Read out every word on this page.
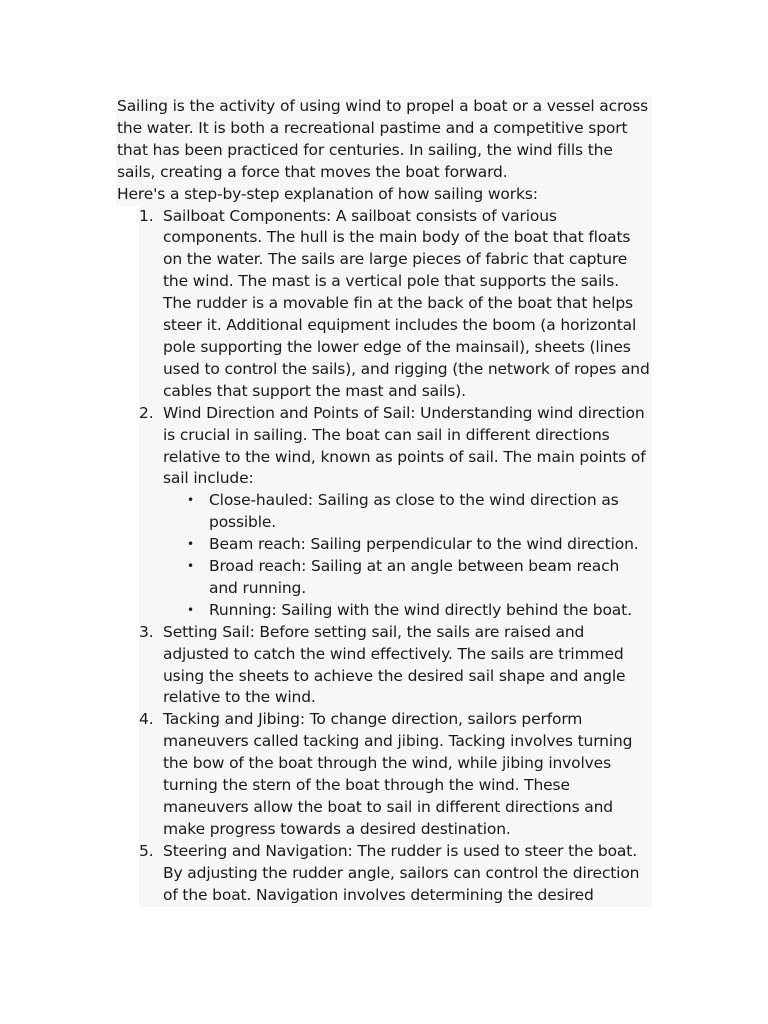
Sailing is the activity of using wind to propel a boat or a vessel across the water. It is both a recreational pastime and a competitive sport that has been practiced for centuries. In sailing, the wind fills the sails, creating a force that moves the boat forward.

Here's a step-by-step explanation of how sailing works:

1. Sailboat Components: A sailboat consists of various components. The hull is the main body of the boat that floats on the water. The sails are large pieces of fabric that capture the wind. The mast is a vertical pole that supports the sails. The rudder is a movable fin at the back of the boat that helps steer it. Additional equipment includes the boom (a horizontal pole supporting the lower edge of the mainsail), sheets (lines used to control the sails), and rigging (the network of ropes and cables that support the mast and sails).
2. Wind Direction and Points of Sail: Understanding wind direction is crucial in sailing. The boat can sail in different directions relative to the wind, known as points of sail. The main points of sail include:
• Close-hauled: Sailing as close to the wind direction as possible.
• Beam reach: Sailing perpendicular to the wind direction.
• Broad reach: Sailing at an angle between beam reach and running.
• Running: Sailing with the wind directly behind the boat.
3. Setting Sail: Before setting sail, the sails are raised and adjusted to catch the wind effectively. The sails are trimmed using the sheets to achieve the desired sail shape and angle relative to the wind.
4. Tacking and Jibing: To change direction, sailors perform maneuvers called tacking and jibing. Tacking involves turning the bow of the boat through the wind, while jibing involves turning the stern of the boat through the wind. These maneuvers allow the boat to sail in different directions and make progress towards a desired destination.
5. Steering and Navigation: The rudder is used to steer the boat. By adjusting the rudder angle, sailors can control the direction of the boat. Navigation involves determining the desired
